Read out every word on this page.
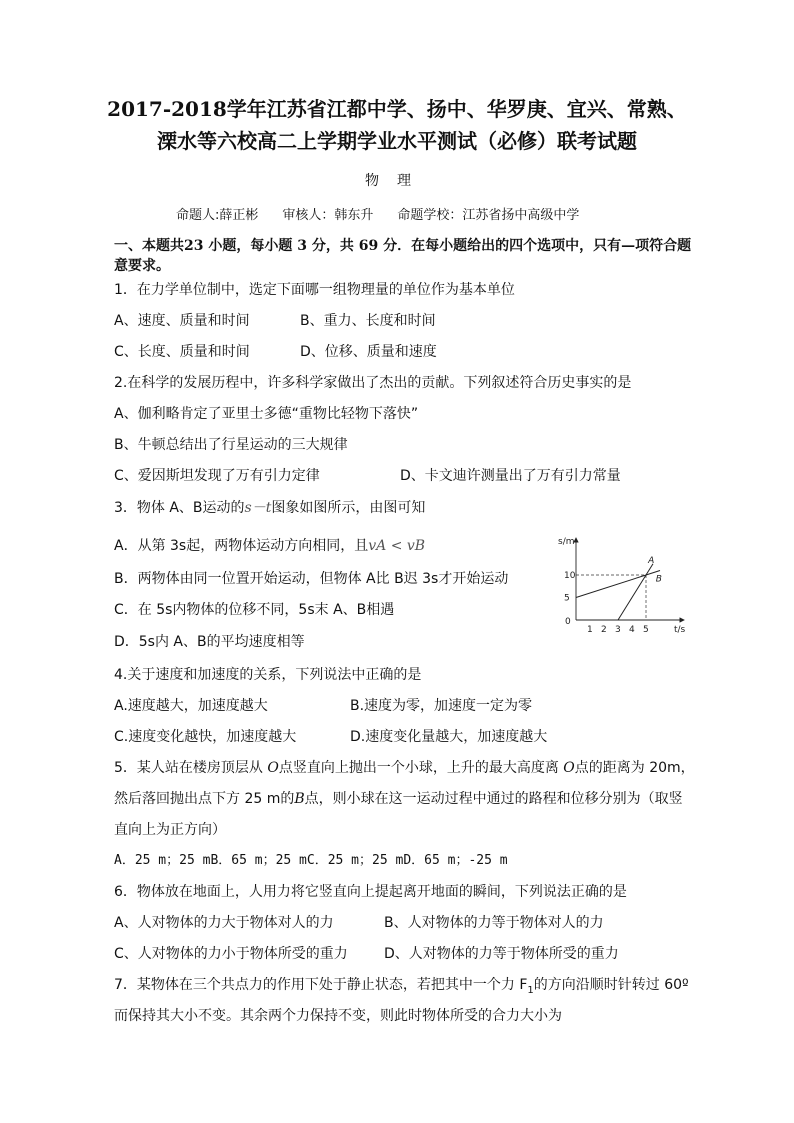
2017-2018学年江苏省江都中学、扬中、华罗庚、宜兴、常熟、
溧水等六校高二上学期学业水平测试（必修）联考试题
物理
命题人:薛正彬 审核人：韩东升 命题学校：江苏省扬中高级中学
一、本题共23 小题，每小题 3 分，共 69 分．在每小题给出的四个选项中，只有—项符合题
意要求。
1．在力学单位制中，选定下面哪一组物理量的单位作为基本单位
A、速度、质量和时间	B、重力、长度和时间
C、长度、质量和时间	D、位移、质量和速度
2.在科学的发展历程中，许多科学家做出了杰出的贡献。下列叙述符合历史事实的是
A、伽利略肯定了亚里士多德“重物比轻物下落快”
B、牛顿总结出了行星运动的三大规律
C、爱因斯坦发现了万有引力定律	D、卡文迪许测量出了万有引力常量
3．物体 A、B运动的s－t图象如图所示，由图可知
A．从第 3s起，两物体运动方向相同，且vA < vB
B．两物体由同一位置开始运动，但物体 A比 B迟 3s才开始运动
C．在 5s内物体的位移不同，5s末 A、B相遇
D．5s内 A、B的平均速度相等
s/m
t/s
0
5
10
1 2 3 4 5
A
B
4.关于速度和加速度的关系，下列说法中正确的是
A.速度越大，加速度越大	B.速度为零，加速度一定为零
C.速度变化越快，加速度越大	D.速度变化量越大，加速度越大
5．某人站在楼房顶层从 O点竖直向上抛出一个小球，上升的最大高度离 O点的距离为 20m，
然后落回抛出点下方 25 m的B点，则小球在这一运动过程中通过的路程和位移分别为（取竖
直向上为正方向）
A．25 m；25 mB．65 m；25 mC．25 m；25 mD．65 m；-25 m
6．物体放在地面上，人用力将它竖直向上提起离开地面的瞬间，下列说法正确的是
A、人对物体的力大于物体对人的力	B、人对物体的力等于物体对人的力
C、人对物体的力小于物体所受的重力	D、人对物体的力等于物体所受的重力
7．某物体在三个共点力的作用下处于静止状态，若把其中一个力 $F_1$的方向沿顺时针转过 60º
而保持其大小不变。其余两个力保持不变，则此时物体所受的合力大小为
